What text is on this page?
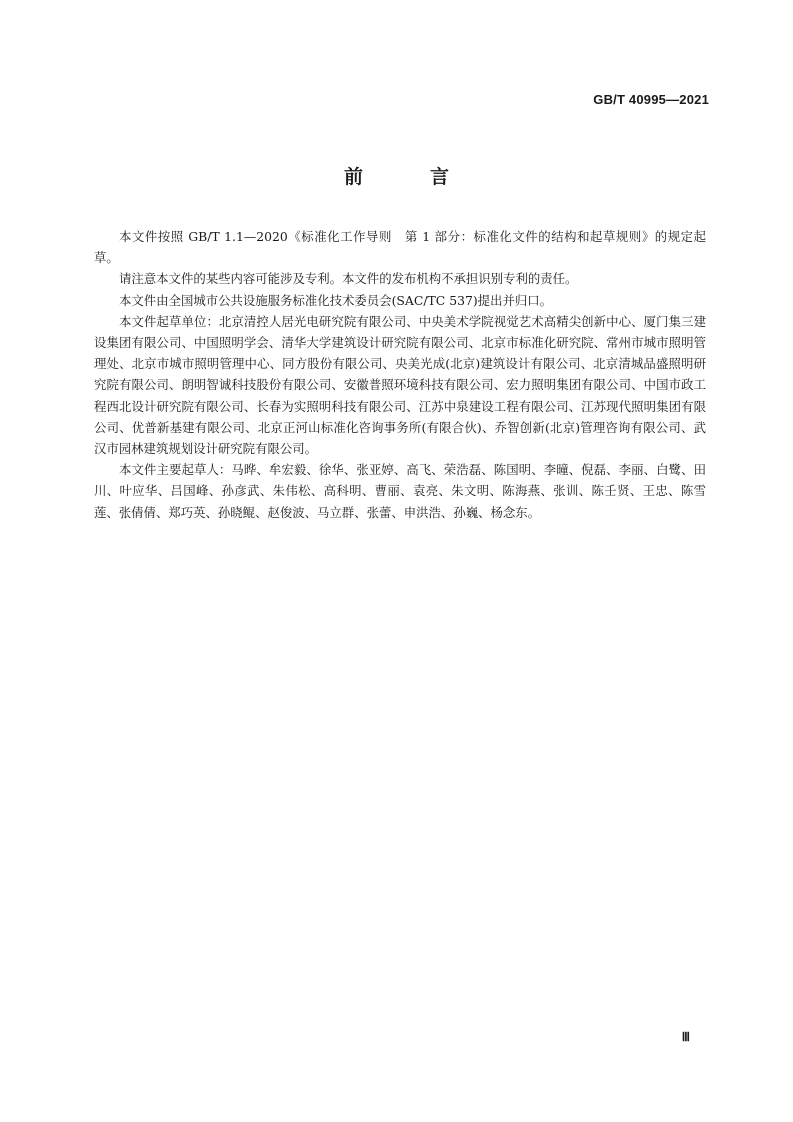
GB/T 40995—2021
前　言

本文件按照 GB/T 1.1—2020《标准化工作导则　第 1 部分：标准化文件的结构和起草规则》的规定起草。

请注意本文件的某些内容可能涉及专利。本文件的发布机构不承担识别专利的责任。

本文件由全国城市公共设施服务标准化技术委员会(SAC/TC 537)提出并归口。

本文件起草单位：北京清控人居光电研究院有限公司、中央美术学院视觉艺术高精尖创新中心、厦门集三建设集团有限公司、中国照明学会、清华大学建筑设计研究院有限公司、北京市标准化研究院、常州市城市照明管理处、北京市城市照明管理中心、同方股份有限公司、央美光成(北京)建筑设计有限公司、北京清城品盛照明研究院有限公司、朗明智诚科技股份有限公司、安徽普照环境科技有限公司、宏力照明集团有限公司、中国市政工程西北设计研究院有限公司、长春为实照明科技有限公司、江苏中泉建设工程有限公司、江苏现代照明集团有限公司、优普新基建有限公司、北京正河山标准化咨询事务所(有限合伙)、乔智创新(北京)管理咨询有限公司、武汉市园林建筑规划设计研究院有限公司。

本文件主要起草人：马晔、牟宏毅、徐华、张亚婷、高飞、荣浩磊、陈国明、李曈、倪磊、李丽、白鹭、田川、叶应华、吕国峰、孙彦武、朱伟松、高科明、曹丽、袁亮、朱文明、陈海燕、张训、陈壬贤、王忠、陈雪莲、张倩倩、郑巧英、孙晓鲲、赵俊波、马立群、张蕾、申洪浩、孙巍、杨念东。

Ⅲ
